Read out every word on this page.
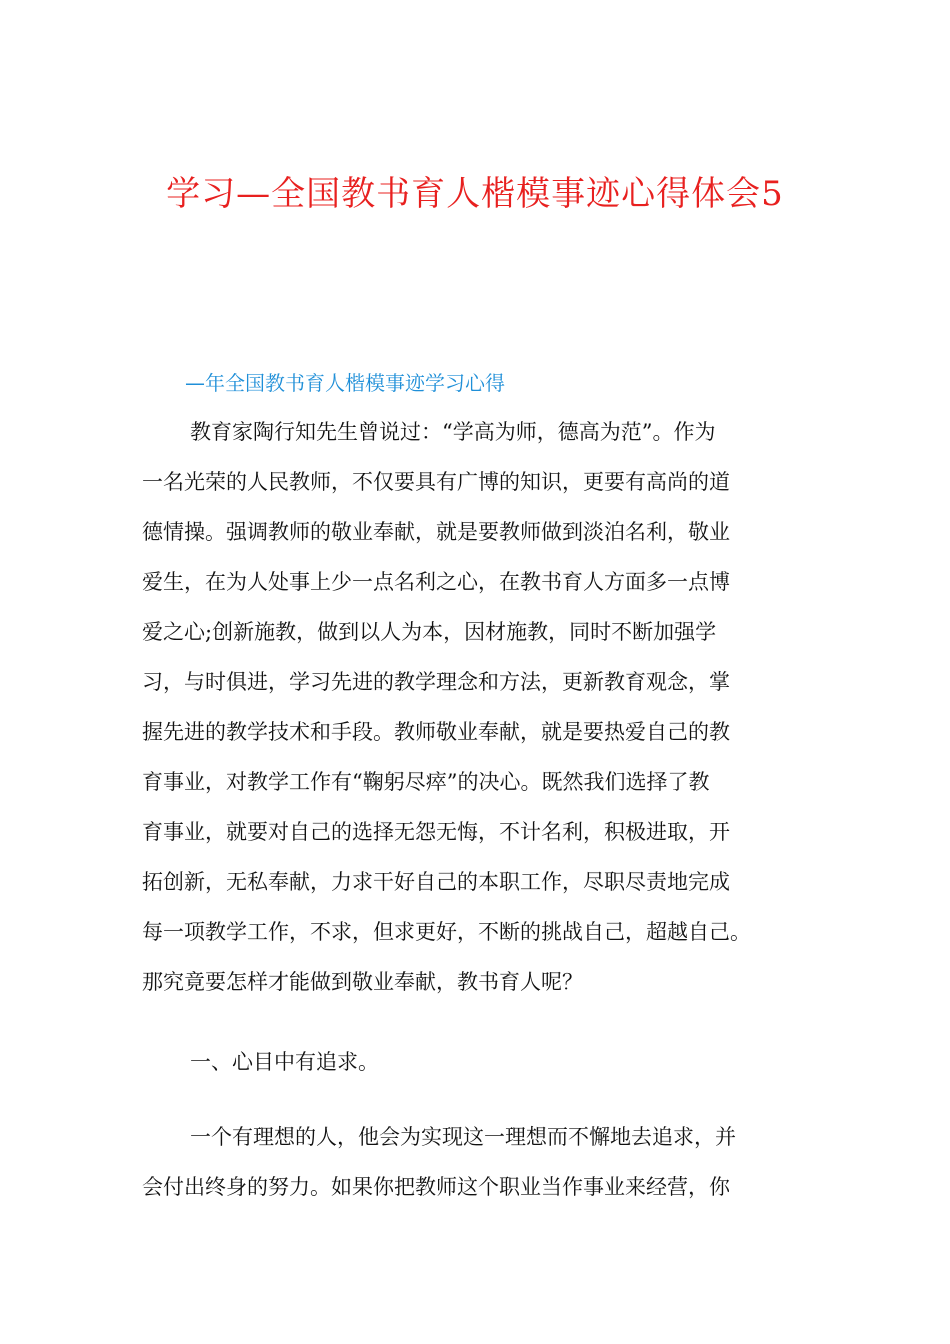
学习—全国教书育人楷模事迹心得体会5
—年全国教书育人楷模事迹学习心得

教育家陶行知先生曾说过：“学高为师，德高为范”。作为
一名光荣的人民教师，不仅要具有广博的知识，更要有高尚的道
德情操。强调教师的敬业奉献，就是要教师做到淡泊名利，敬业
爱生，在为人处事上少一点名利之心，在教书育人方面多一点博
爱之心;创新施教，做到以人为本，因材施教，同时不断加强学
习，与时俱进，学习先进的教学理念和方法，更新教育观念，掌
握先进的教学技术和手段。教师敬业奉献，就是要热爱自己的教
育事业，对教学工作有“鞠躬尽瘁”的决心。既然我们选择了教
育事业，就要对自己的选择无怨无悔，不计名利，积极进取，开
拓创新，无私奉献，力求干好自己的本职工作，尽职尽责地完成
每一项教学工作，不求，但求更好，不断的挑战自己，超越自己。
那究竟要怎样才能做到敬业奉献，教书育人呢？

一、心目中有追求。

一个有理想的人，他会为实现这一理想而不懈地去追求，并
会付出终身的努力。如果你把教师这个职业当作事业来经营，你
